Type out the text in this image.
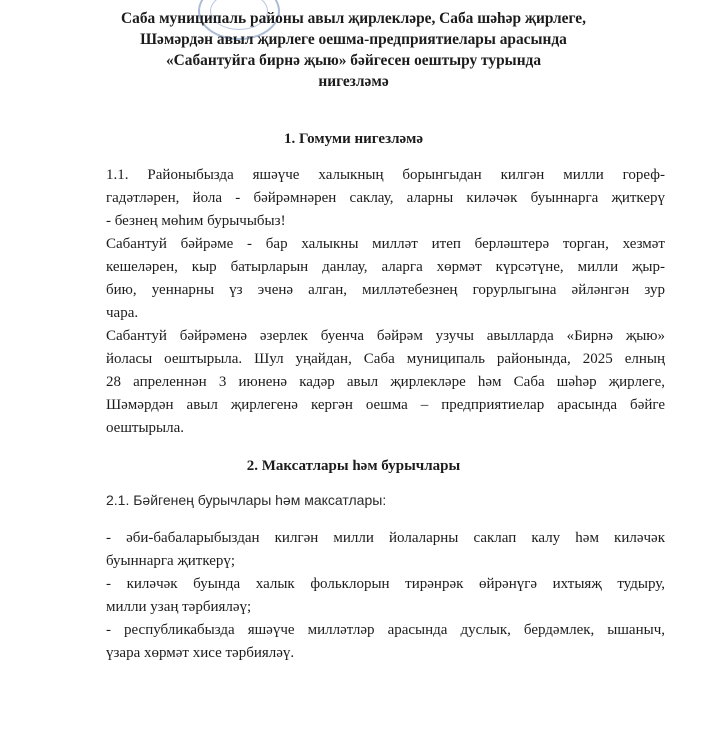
Саба муниципаль районы авыл җирлекләре, Саба шәһәр җирлеге,
Шәмәрдән авыл җирлеге оешма-предприятиелары арасында
«Сабантуйга бирнә җыю» бәйгесен оештыру турында
нигезләмә
1. Гомуми нигезләмә
1.1. Районыбызда яшәүче халыкның борынгыдан килгән милли гореф-
гадәтләрен, йола - бәйрәмнәрен саклау, аларны киләчәк буыннарга җиткерү
- безнең мөһим бурычыбыз!
Сабантуй бәйрәме - бар халыкны милләт итеп берләштерә торган, хезмәт
кешеләрен, кыр батырларын данлау, аларга хөрмәт күрсәтүне, милли җыр-
бию, уеннарны үз эченә алган, милләтебезнең горурлыгына әйләнгән зур
чара.
Сабантуй бәйрәменә әзерлек буенча бәйрәм узучы авылларда «Бирнә җыю»
йоласы оештырыла. Шул уңайдан, Саба муниципаль районында, 2025 елның
28 апреленнән 3 июненә кадәр авыл җирлекләре һәм Саба шәһәр җирлеге,
Шәмәрдән авыл җирлегенә кергән оешма – предприятиелар арасында бәйге
оештырыла.
2. Максатлары һәм бурычлары
2.1. Бәйгенең бурычлары һәм максатлары:
- әби-бабаларыбыздан килгән милли йолаларны саклап калу һәм киләчәк
буыннарга җиткерү;
- киләчәк буында халык фольклорын тирәнрәк өйрәнүгә ихтыяҗ тудыру,
милли узаң тәрбияләү;
- республикабызда яшәүче милләтләр арасында дуслык, бердәмлек, ышаныч,
үзара хөрмәт хисе тәрбияләү.
